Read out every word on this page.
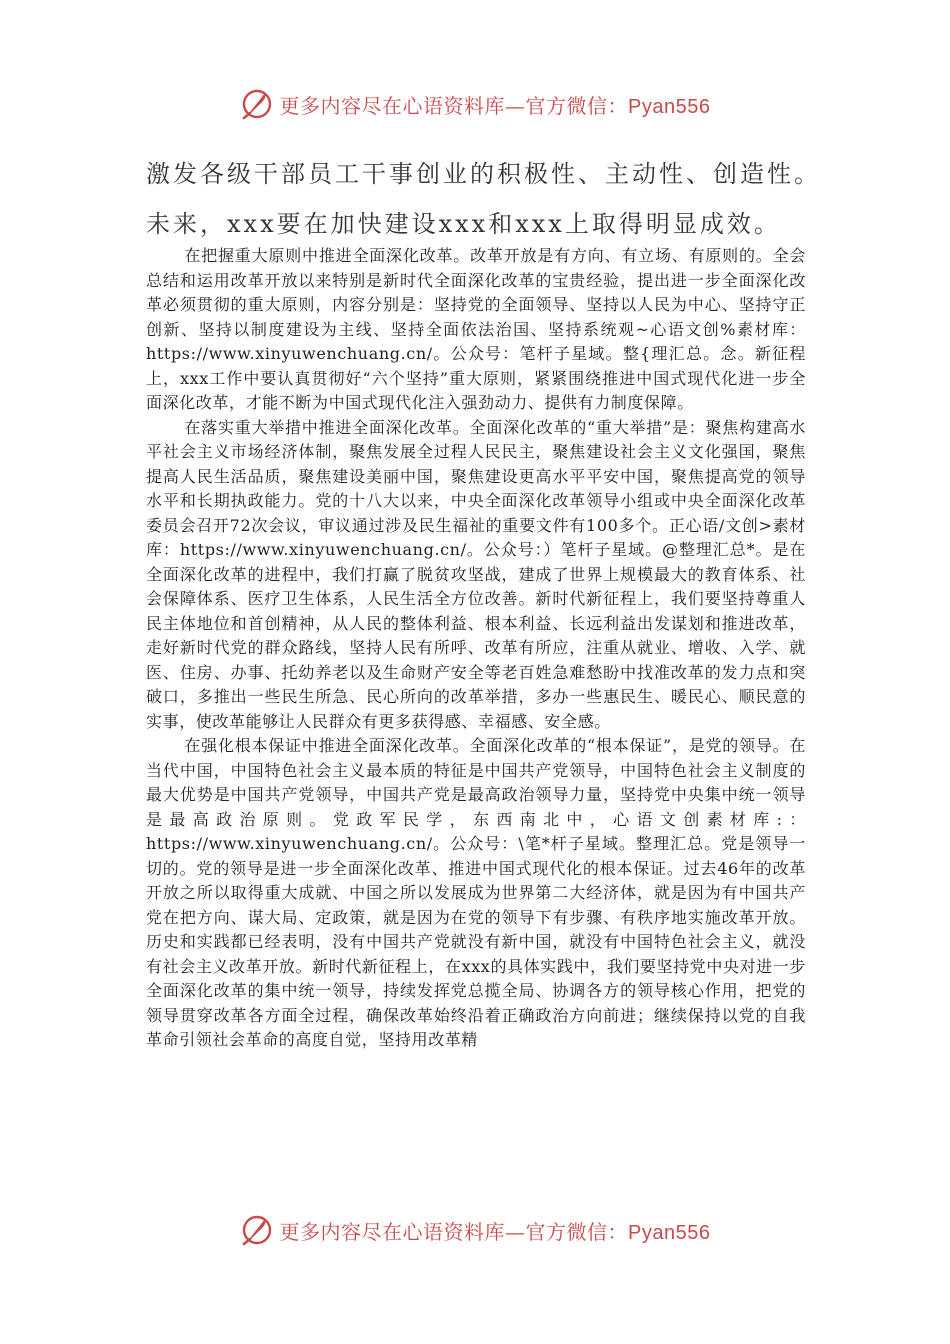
更多内容尽在心语资料库—官方微信：Pyan556
激发各级干部员工干事创业的积极性、主动性、创造性。
未来，xxx要在加快建设xxx和xxx上取得明显成效。

在把握重大原则中推进全面深化改革。改革开放是有方向、有立场、有原则的。全会总结和运用改革开放以来特别是新时代全面深化改革的宝贵经验，提出进一步全面深化改革必须贯彻的重大原则，内容分别是：坚持党的全面领导、坚持以人民为中心、坚持守正创新、坚持以制度建设为主线、坚持全面依法治国、坚持系统观~心语文创%素材库：https://www.xinyuwenchuang.cn/。公众号：笔杆子星域。整{理汇总。念。新征程上，xxx工作中要认真贯彻好“六个坚持”重大原则，紧紧围绕推进中国式现代化进一步全面深化改革，才能不断为中国式现代化注入强劲动力、提供有力制度保障。

在落实重大举措中推进全面深化改革。全面深化改革的“重大举措”是：聚焦构建高水平社会主义市场经济体制，聚焦发展全过程人民民主，聚焦建设社会主义文化强国，聚焦提高人民生活品质，聚焦建设美丽中国，聚焦建设更高水平平安中国，聚焦提高党的领导水平和长期执政能力。党的十八大以来，中央全面深化改革领导小组或中央全面深化改革委员会召开72次会议，审议通过涉及民生福祉的重要文件有100多个。正心语/文创>素材库：https://www.xinyuwenchuang.cn/。公众号：）笔杆子星域。@整理汇总*。是在全面深化改革的进程中，我们打赢了脱贫攻坚战，建成了世界上规模最大的教育体系、社会保障体系、医疗卫生体系，人民生活全方位改善。新时代新征程上，我们要坚持尊重人民主体地位和首创精神，从人民的整体利益、根本利益、长远利益出发谋划和推进改革，走好新时代党的群众路线，坚持人民有所呼、改革有所应，注重从就业、增收、入学、就医、住房、办事、托幼养老以及生命财产安全等老百姓急难愁盼中找准改革的发力点和突破口，多推出一些民生所急、民心所向的改革举措，多办一些惠民生、暖民心、顺民意的实事，使改革能够让人民群众有更多获得感、幸福感、安全感。

在强化根本保证中推进全面深化改革。全面深化改革的“根本保证”，是党的领导。在当代中国，中国特色社会主义最本质的特征是中国共产党领导，中国特色社会主义制度的最大优势是中国共产党领导，中国共产党是最高政治领导力量，坚持党中央集中统一领导是最高政治原则。党政军民学，东西南北中，心语文创素材库:：https://www.xinyuwenchuang.cn/。公众号：\笔*杆子星域。整理汇总。党是领导一切的。党的领导是进一步全面深化改革、推进中国式现代化的根本保证。过去46年的改革开放之所以取得重大成就、中国之所以发展成为世界第二大经济体，就是因为有中国共产党在把方向、谋大局、定政策，就是因为在党的领导下有步骤、有秩序地实施改革开放。历史和实践都已经表明，没有中国共产党就没有新中国，就没有中国特色社会主义，就没有社会主义改革开放。新时代新征程上，在xxx的具体实践中，我们要坚持党中央对进一步全面深化改革的集中统一领导，持续发挥党总揽全局、协调各方的领导核心作用，把党的领导贯穿改革各方面全过程，确保改革始终沿着正确政治方向前进；继续保持以党的自我革命引领社会革命的高度自觉，坚持用改革精

更多内容尽在心语资料库—官方微信：Pyan556
